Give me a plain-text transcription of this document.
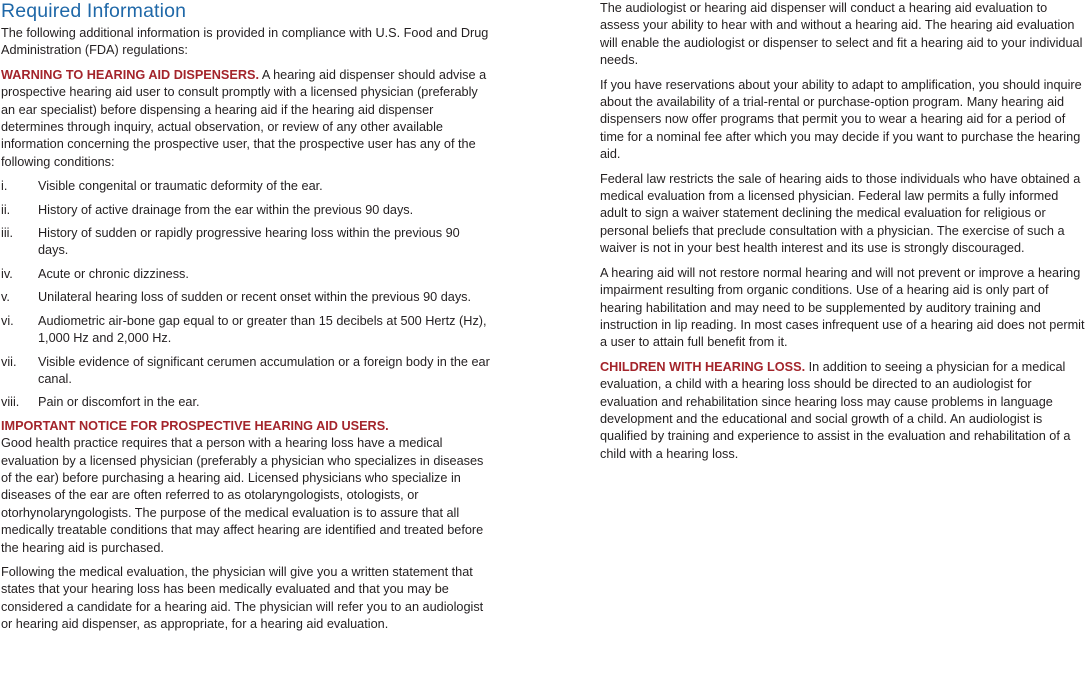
Required Information

The following additional information is provided in compliance with U.S. Food and Drug Administration (FDA) regulations:

WARNING TO HEARING AID DISPENSERS. A hearing aid dispenser should advise a prospective hearing aid user to consult promptly with a licensed physician (preferably an ear specialist) before dispensing a hearing aid if the hearing aid dispenser determines through inquiry, actual observation, or review of any other available information concerning the prospective user, that the prospective user has any of the following conditions:

i.	Visible congenital or traumatic deformity of the ear.
ii.	History of active drainage from the ear within the previous 90 days.
iii.	History of sudden or rapidly progressive hearing loss within the previous 90 days.
iv.	Acute or chronic dizziness.
v.	Unilateral hearing loss of sudden or recent onset within the previous 90 days.
vi.	Audiometric air-bone gap equal to or greater than 15 decibels at 500 Hertz (Hz), 1,000 Hz and 2,000 Hz.
vii.	Visible evidence of significant cerumen accumulation or a foreign body in the ear canal.
viii.	Pain or discomfort in the ear.

IMPORTANT NOTICE FOR PROSPECTIVE HEARING AID USERS.
Good health practice requires that a person with a hearing loss have a medical evaluation by a licensed physician (preferably a physician who specializes in diseases of the ear) before purchasing a hearing aid. Licensed physicians who specialize in diseases of the ear are often referred to as otolaryngologists, otologists, or otorhynolaryngologists. The purpose of the medical evaluation is to assure that all medically treatable conditions that may affect hearing are identified and treated before the hearing aid is purchased.

Following the medical evaluation, the physician will give you a written statement that states that your hearing loss has been medically evaluated and that you may be considered a candidate for a hearing aid. The physician will refer you to an audiologist or hearing aid dispenser, as appropriate, for a hearing aid evaluation.

The audiologist or hearing aid dispenser will conduct a hearing aid evaluation to assess your ability to hear with and without a hearing aid. The hearing aid evaluation will enable the audiologist or dispenser to select and fit a hearing aid to your individual needs.

If you have reservations about your ability to adapt to amplification, you should inquire about the availability of a trial-rental or purchase-option program. Many hearing aid dispensers now offer programs that permit you to wear a hearing aid for a period of time for a nominal fee after which you may decide if you want to purchase the hearing aid.

Federal law restricts the sale of hearing aids to those individuals who have obtained a medical evaluation from a licensed physician. Federal law permits a fully informed adult to sign a waiver statement declining the medical evaluation for religious or personal beliefs that preclude consultation with a physician. The exercise of such a waiver is not in your best health interest and its use is strongly discouraged.

A hearing aid will not restore normal hearing and will not prevent or improve a hearing impairment resulting from organic conditions. Use of a hearing aid is only part of hearing habilitation and may need to be supplemented by auditory training and instruction in lip reading. In most cases infrequent use of a hearing aid does not permit a user to attain full benefit from it.

CHILDREN WITH HEARING LOSS. In addition to seeing a physician for a medical evaluation, a child with a hearing loss should be directed to an audiologist for evaluation and rehabilitation since hearing loss may cause problems in language development and the educational and social growth of a child. An audiologist is qualified by training and experience to assist in the evaluation and rehabilitation of a child with a hearing loss.
